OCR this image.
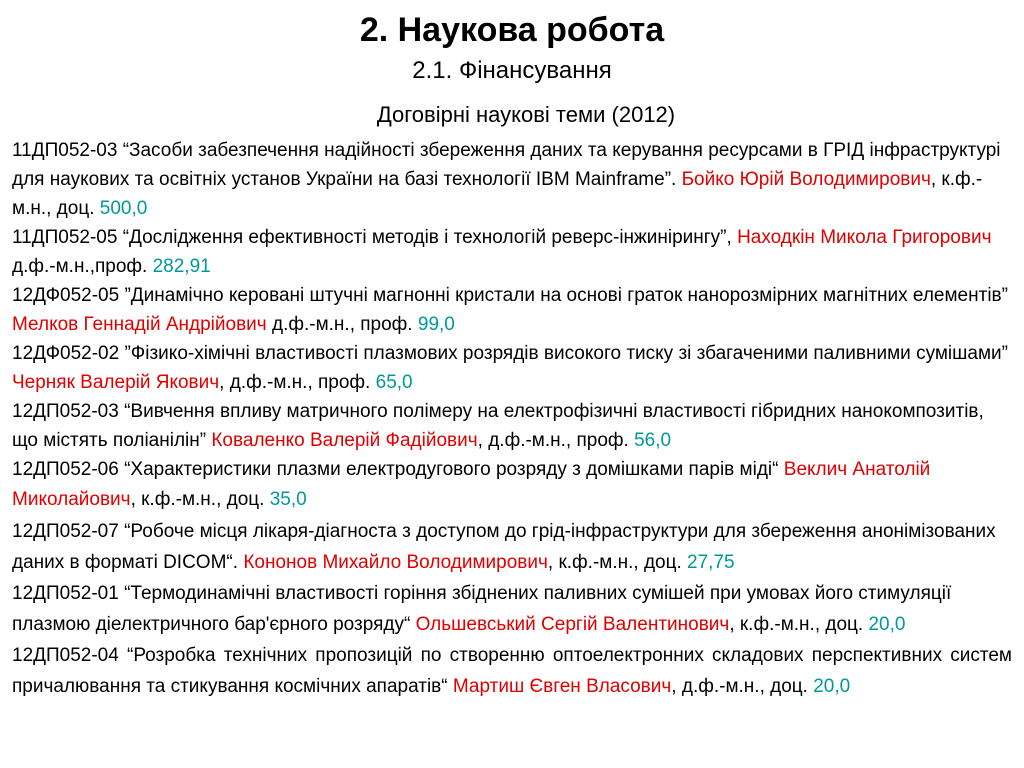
2. Наукова робота
2.1. Фінансування
Договірні наукові теми (2012)

11ДП052-03 “Засоби забезпечення надійності збереження даних та керування ресурсами в ГРІД інфраструктурі для наукових та освітніх установ України на базі технології IBM Mainframe”. Бойко Юрій Володимирович, к.ф.-м.н., доц. 500,0

11ДП052-05 “Дослідження ефективності методів і технологій реверс-інжинірингу”, Находкін Микола Григорович д.ф.-м.н.,проф. 282,91

12ДФ052-05 ”Динамічно керовані штучні магнонні кристали на основі граток нанорозмірних магнітних елементів” Мелков Геннадій Андрійович д.ф.-м.н., проф. 99,0

12ДФ052-02 ”Фізико-хімічні властивості плазмових розрядів високого тиску зі збагаченими паливними сумішами” Черняк Валерій Якович, д.ф.-м.н., проф. 65,0

12ДП052-03 “Вивчення впливу матричного полімеру на електрофізичні властивості гібридних нанокомпозитів, що містять поліанілін” Коваленко Валерій Фадійович, д.ф.-м.н., проф. 56,0

12ДП052-06 “Характеристики плазми електродугового розряду з домішками парів міді“ Веклич Анатолій Миколайович, к.ф.-м.н., доц. 35,0

12ДП052-07 “Робоче місця лікаря-діагноста з доступом до грід-інфраструктури для збереження анонімізованих даних в форматі DICOM“. Кононов Михайло Володимирович, к.ф.-м.н., доц. 27,75

12ДП052-01 “Термодинамічні властивості горіння збіднених паливних сумішей при умовах його стимуляції плазмою діелектричного бар'єрного розряду“ Ольшевський Сергій Валентинович, к.ф.-м.н., доц. 20,0

12ДП052-04 “Розробка технічних пропозицій по створенню оптоелектронних складових перспективних систем причалювання та стикування космічних апаратів“ Мартиш Євген Власович, д.ф.-м.н., доц. 20,0
